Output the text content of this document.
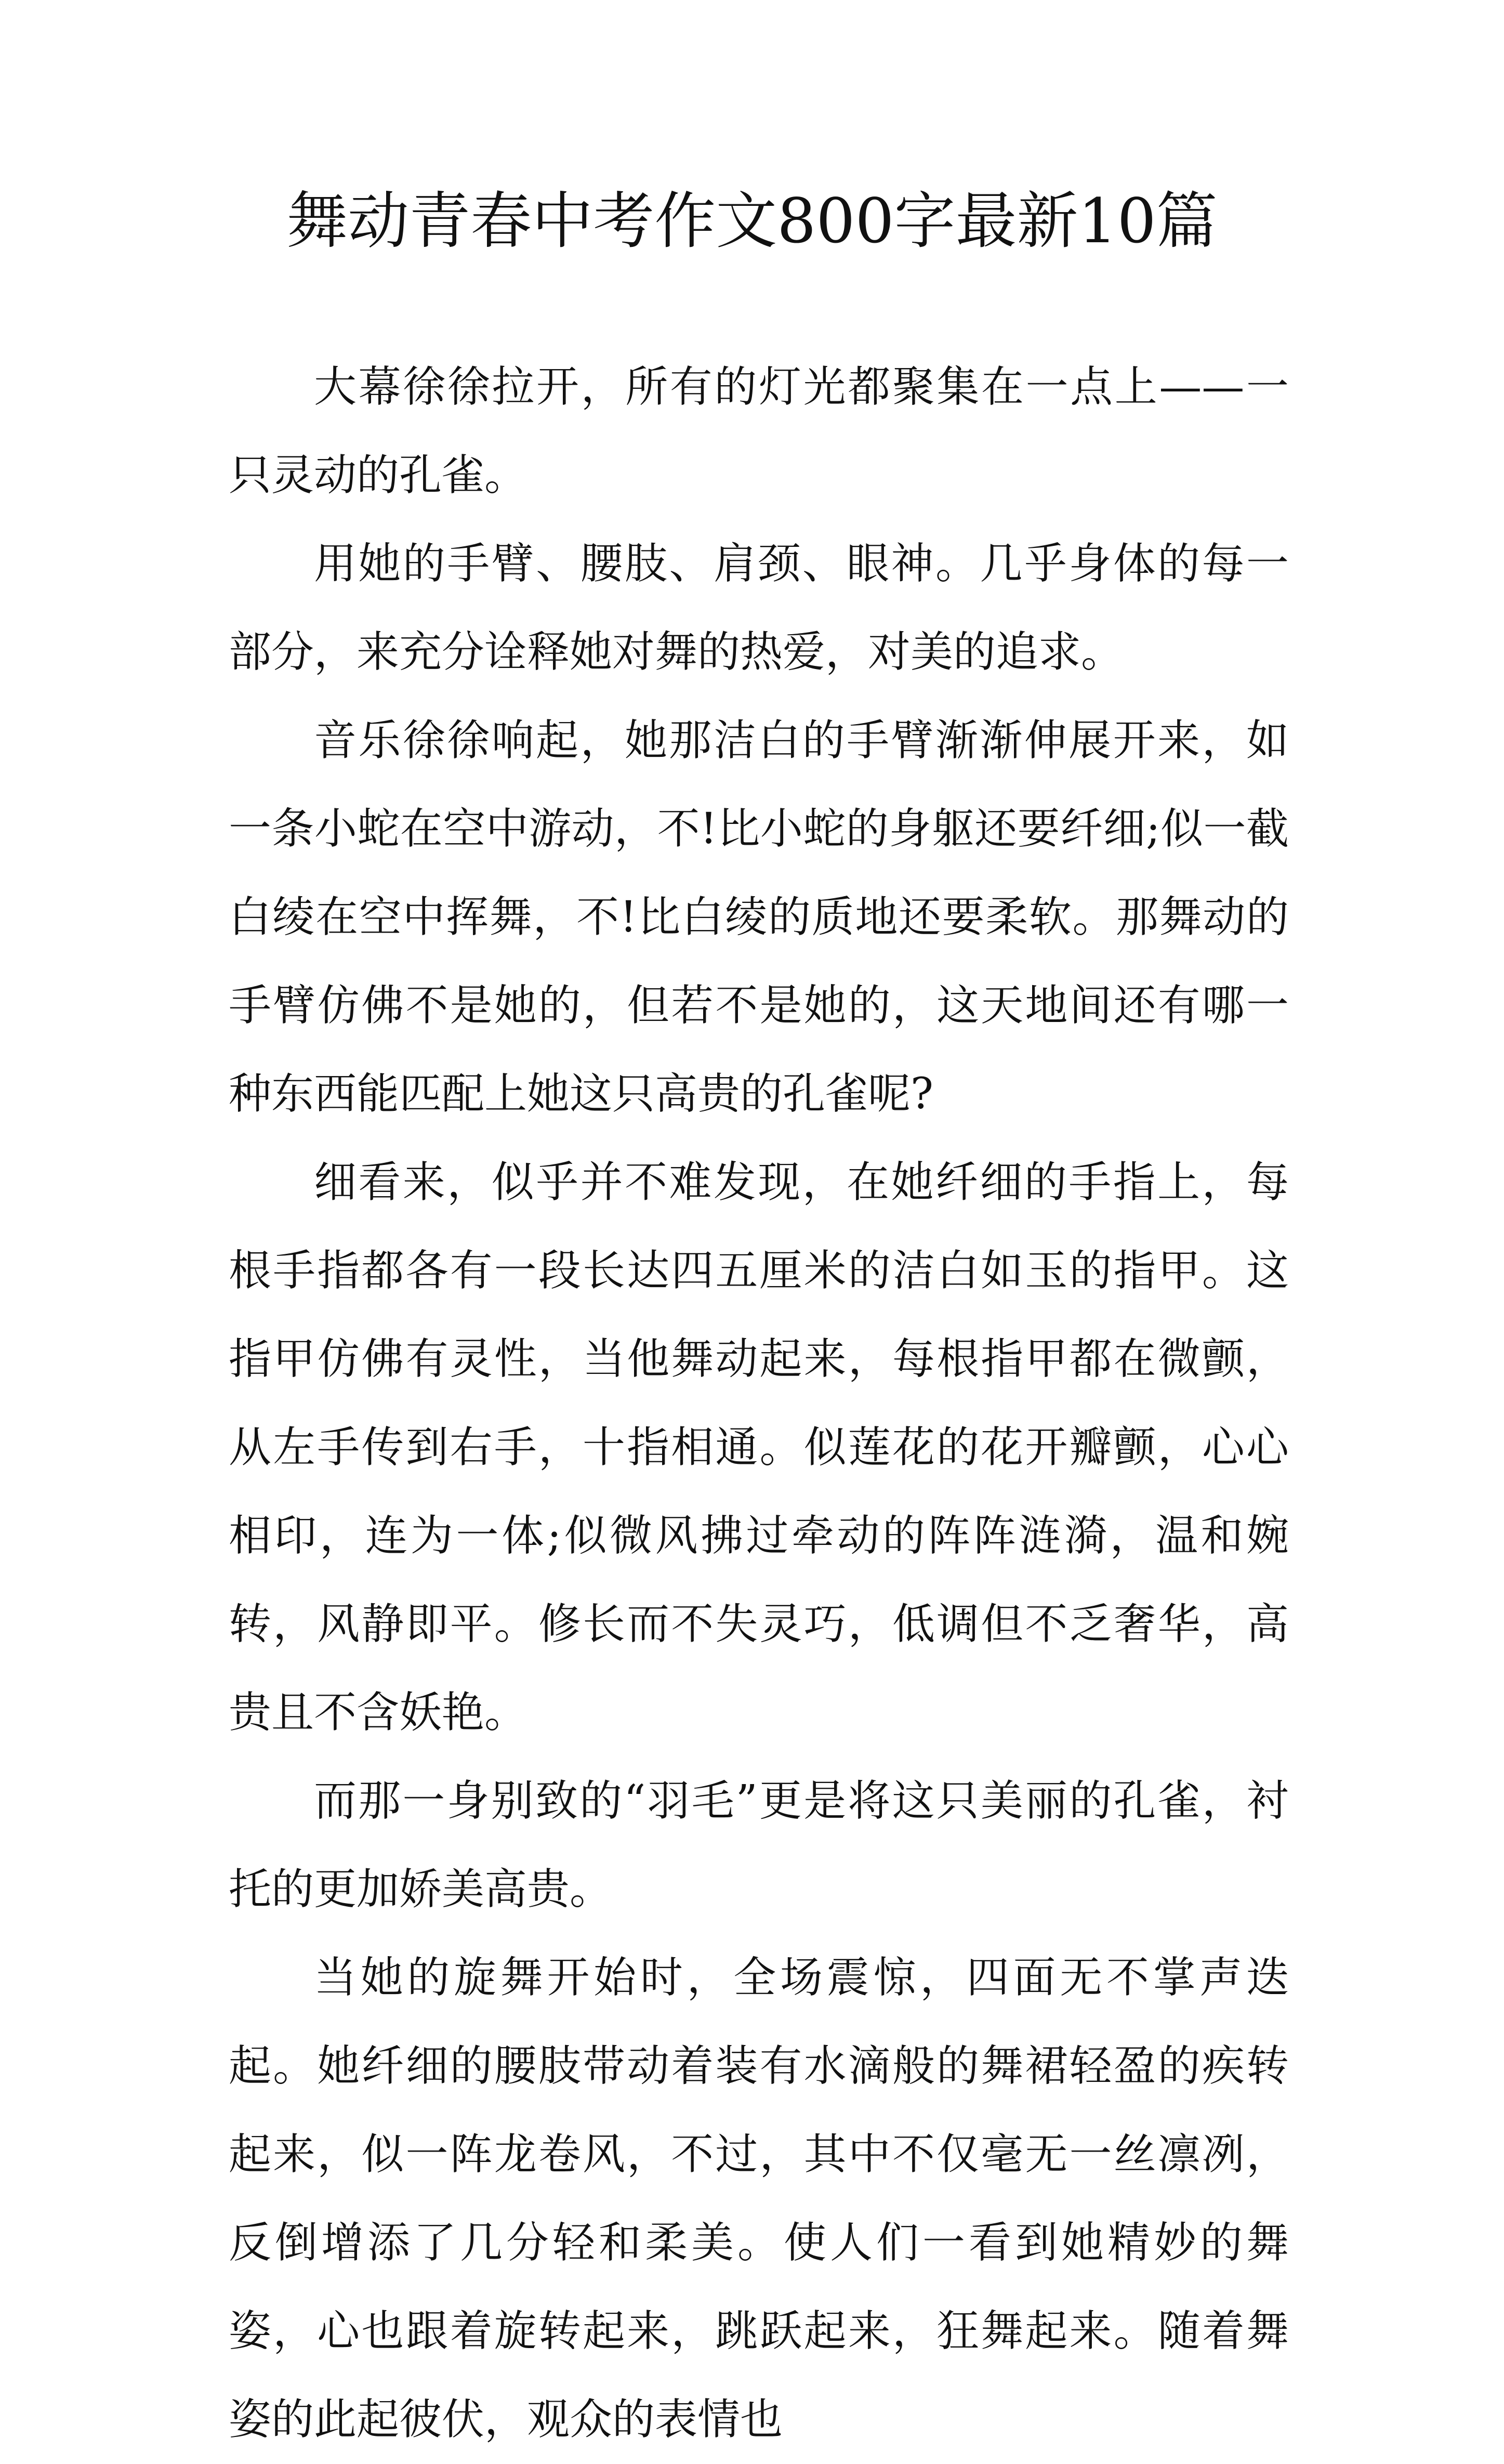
舞动青春中考作文800字最新10篇

大幕徐徐拉开，所有的灯光都聚集在一点上——一只灵动的孔雀。

用她的手臂、腰肢、肩颈、眼神。几乎身体的每一部分，来充分诠释她对舞的热爱，对美的追求。

音乐徐徐响起，她那洁白的手臂渐渐伸展开来，如一条小蛇在空中游动，不!比小蛇的身躯还要纤细;似一截白绫在空中挥舞，不!比白绫的质地还要柔软。那舞动的手臂仿佛不是她的，但若不是她的，这天地间还有哪一种东西能匹配上她这只高贵的孔雀呢?

细看来，似乎并不难发现，在她纤细的手指上，每根手指都各有一段长达四五厘米的洁白如玉的指甲。这指甲仿佛有灵性，当他舞动起来，每根指甲都在微颤，从左手传到右手，十指相通。似莲花的花开瓣颤，心心相印，连为一体;似微风拂过牵动的阵阵涟漪，温和婉转，风静即平。修长而不失灵巧，低调但不乏奢华，高贵且不含妖艳。

而那一身别致的“羽毛”更是将这只美丽的孔雀，衬托的更加娇美高贵。

当她的旋舞开始时，全场震惊，四面无不掌声迭起。她纤细的腰肢带动着装有水滴般的舞裙轻盈的疾转起来，似一阵龙卷风，不过，其中不仅毫无一丝凛冽，反倒增添了几分轻和柔美。使人们一看到她精妙的舞姿，心也跟着旋转起来，跳跃起来，狂舞起来。随着舞姿的此起彼伏，观众的表情也
